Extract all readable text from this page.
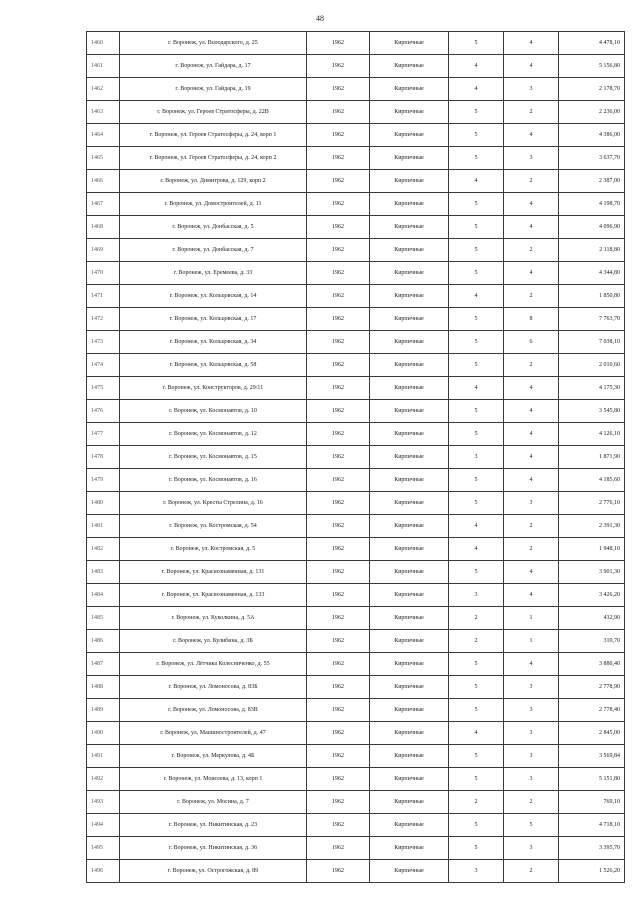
48
1460	г. Воронеж, ул. Володарского, д. 25	1962	Кирпичные	5	4	4 478,10
1461	г. Воронеж, ул. Гайдара, д. 17	1962	Кирпичные	4	4	5 156,80
1462	г. Воронеж, ул. Гайдара, д. 19	1962	Кирпичные	4	3	2 178,70
1463	г. Воронеж, ул. Героев Стратосферы, д. 22В	1962	Кирпичные	5	2	2 236,00
1464	г. Воронеж, ул. Героев Стратосферы, д. 24, корп 1	1962	Кирпичные	5	4	4 386,00
1465	г. Воронеж, ул. Героев Стратосферы, д. 24, корп 2	1962	Кирпичные	5	3	3 637,70
1466	г. Воронеж, ул. Димитрова, д. 129, корп 2	1962	Кирпичные	4	2	2 387,00
1467	г. Воронеж, ул. Домостроителей, д. 11	1962	Кирпичные	5	4	4 198,70
1468	г. Воронеж, ул. Донбасская, д. 5	1962	Кирпичные	5	4	4 096,90
1469	г. Воронеж, ул. Донбасская, д. 7	1962	Кирпичные	5	2	2 118,80
1470	г. Воронеж, ул. Еремеева, д. 33	1962	Кирпичные	5	4	4 344,80
1471	г. Воронеж, ул. Кольцовская, д. 14	1962	Кирпичные	4	2	1 850,80
1472	г. Воронеж, ул. Кольцовская, д. 17	1962	Кирпичные	5	8	7 763,70
1473	г. Воронеж, ул. Кольцовская, д. 34	1962	Кирпичные	5	6	7 038,10
1474	г. Воронеж, ул. Кольцовская, д. 58	1962	Кирпичные	5	2	2 010,60
1475	г. Воронеж, ул. Конструкторов, д. 29/11	1962	Кирпичные	4	4	4 175,30
1476	г. Воронеж, ул. Космонавтов, д. 10	1962	Кирпичные	5	4	3 545,80
1477	г. Воронеж, ул. Космонавтов, д. 12	1962	Кирпичные	5	4	4 126,10
1478	г. Воронеж, ул. Космонавтов, д. 15	1962	Кирпичные	3	4	1 871,90
1479	г. Воронеж, ул. Космонавтов, д. 16	1962	Кирпичные	5	4	4 185,60
1480	г. Воронеж, ул. Кресты Стрелина, д. 16	1962	Кирпичные	5	3	2 776,10
1481	г. Воронеж, ул. Костромская, д. 54	1962	Кирпичные	4	2	2 391,30
1482	г. Воронеж, ул. Костромская, д. 5	1962	Кирпичные	4	2	1 948,10
1483	г. Воронеж, ул. Краснознаменная, д. 131	1962	Кирпичные	5	4	3 901,30
1484	г. Воронеж, ул. Краснознаменная, д. 133	1962	Кирпичные	3	4	3 426,20
1485	г. Воронеж, ул. Куколкина, д. 5А	1962	Кирпичные	2	1	432,90
1486	г. Воронеж, ул. Кулибина, д. 3Б	1962	Кирпичные	2	1	310,70
1487	г. Воронеж, ул. Лётчика Колесниченко, д. 55	1962	Кирпичные	5	4	3 880,40
1488	г. Воронеж, ул. Ломоносова, д. 83Б	1962	Кирпичные	5	3	2 778,90
1489	г. Воронеж, ул. Ломоносова, д. 83В	1962	Кирпичные	5	3	2 778,40
1490	г. Воронеж, ул. Машиностроителей, д. 47	1962	Кирпичные	4	3	2 845,00
1491	г. Воронеж, ул. Меркулова, д. 4Б	1962	Кирпичные	5	3	3 569,84
1492	г. Воронеж, ул. Моисеева, д. 13, корп 1	1962	Кирпичные	5	3	5 151,80
1493	г. Воронеж, ул. Мосина, д. 7	1962	Кирпичные	2	2	769,10
1494	г. Воронеж, ул. Никитинская, д. 23	1962	Кирпичные	5	5	4 718,10
1495	г. Воронеж, ул. Никитинская, д. 36	1962	Кирпичные	5	3	3 395,70
1496	г. Воронеж, ул. Острогожская, д. 89	1962	Кирпичные	3	2	1 526,20
